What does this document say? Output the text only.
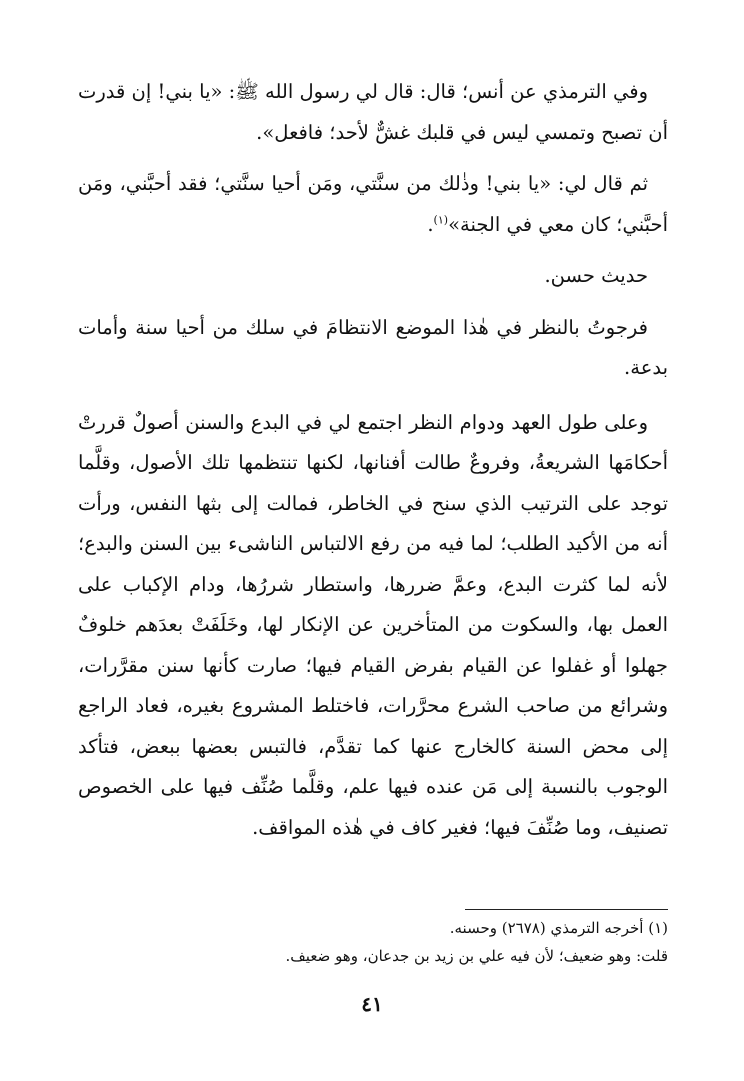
وفي الترمذي عن أنس؛ قال: قال لي رسول الله ﷺ: «يا بني! إن قدرت أن تصبح وتمسي ليس في قلبك غشٌّ لأحد؛ فافعل».

ثم قال لي: «يا بني! وذٰلك من سنَّتي، ومَن أحيا سنَّتي؛ فقد أحبَّني، ومَن أحبَّني؛ كان معي في الجنة»$^{(١)}$.

حديث حسن.

فرجوتُ بالنظر في هٰذا الموضع الانتظامَ في سلك من أحيا سنة وأمات بدعة.

وعلى طول العهد ودوام النظر اجتمع لي في البدع والسنن أصولٌ قررتْ أحكامَها الشريعةُ، وفروعٌ طالت أفنانها، لكنها تنتظمها تلك الأصول، وقلَّما توجد على الترتيب الذي سنح في الخاطر، فمالت إلى بثها النفس، ورأت أنه من الأكيد الطلب؛ لما فيه من رفع الالتباس الناشىء بين السنن والبدع؛ لأنه لما كثرت البدع، وعمَّ ضررها، واستطار شررُها، ودام الإكباب على العمل بها، والسكوت من المتأخرين عن الإنكار لها، وخَلَفَتْ بعدَهم خلوفٌ جهلوا أو غفلوا عن القيام بفرض القيام فيها؛ صارت كأنها سنن مقرَّرات، وشرائع من صاحب الشرع محرَّرات، فاختلط المشروع بغيره، فعاد الراجع إلى محض السنة كالخارج عنها كما تقدَّم، فالتبس بعضها ببعض، فتأكد الوجوب بالنسبة إلى مَن عنده فيها علم، وقلَّما صُنِّف فيها على الخصوص تصنيف، وما صُنِّفَ فيها؛ فغير كاف في هٰذه المواقف.

(١) أخرجه الترمذي (٢٦٧٨) وحسنه.

قلت: وهو ضعيف؛ لأن فيه علي بن زيد بن جدعان، وهو ضعيف.

٤١
